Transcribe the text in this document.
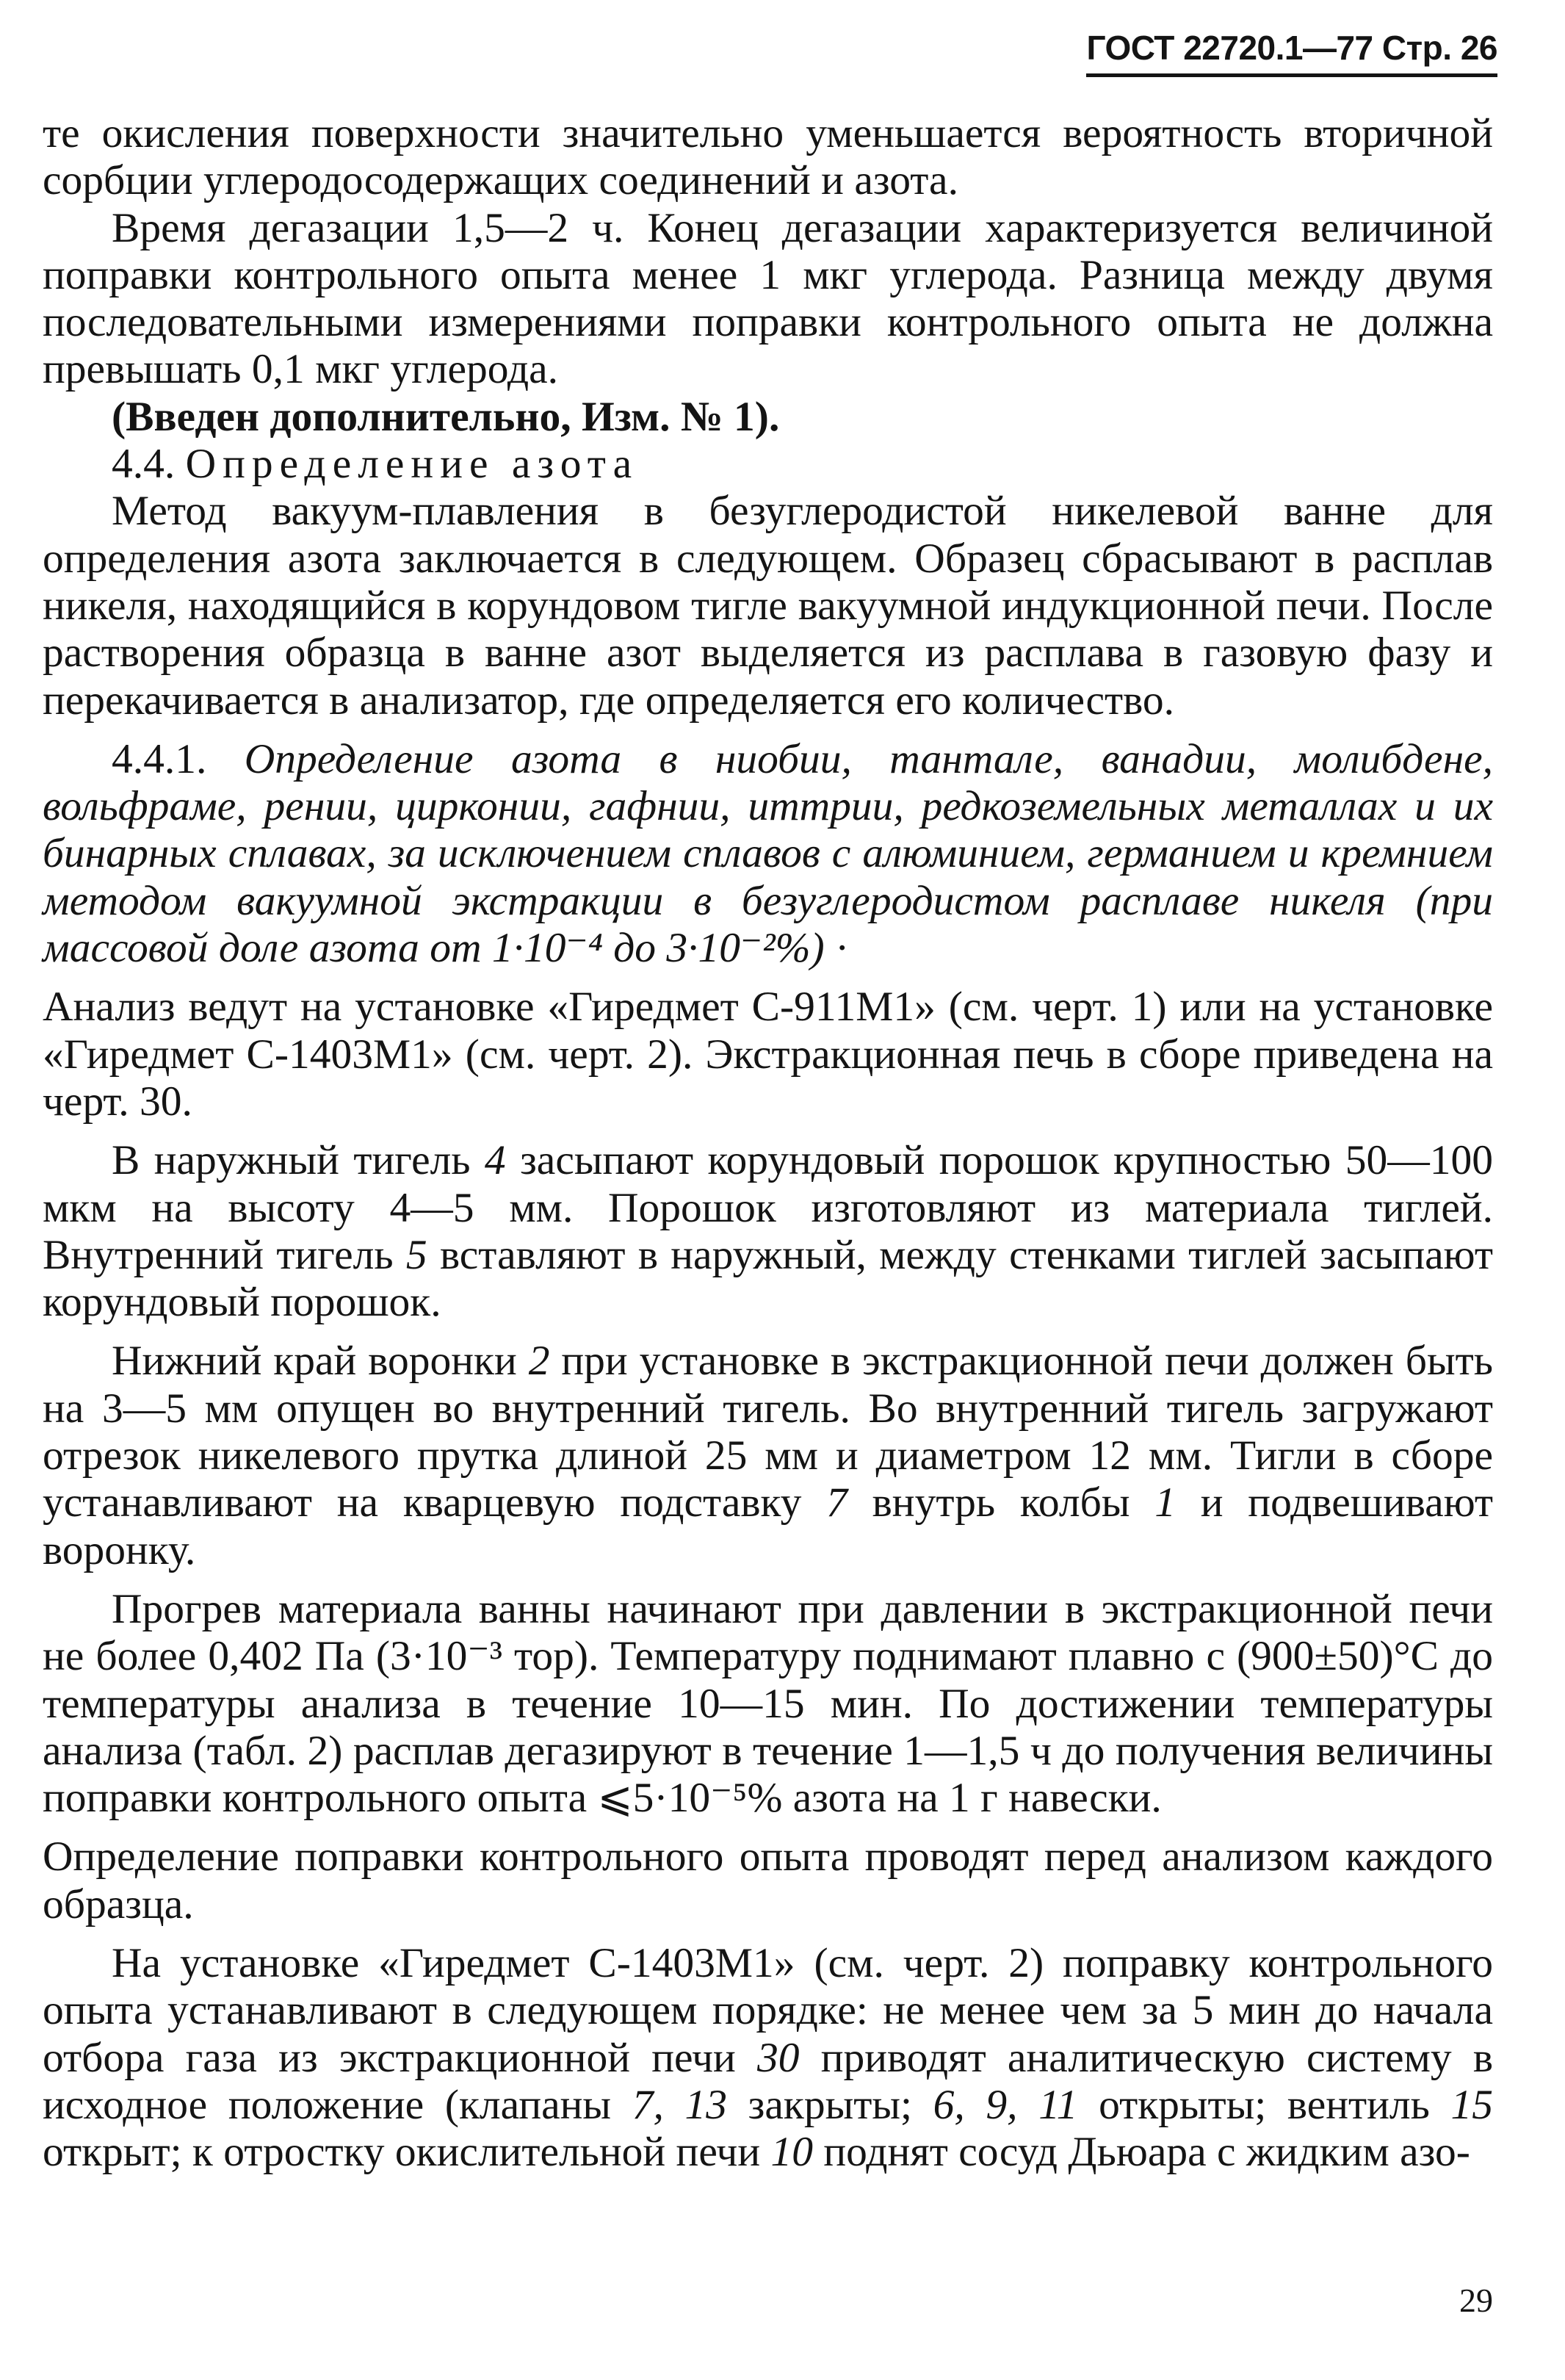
ГОСТ 22720.1—77 Стр. 26

те окисления поверхности значительно уменьшается вероятность вторичной сорбции углеродосодержащих соединений и азота.

Время дегазации 1,5—2 ч. Конец дегазации характеризуется величиной поправки контрольного опыта менее 1 мкг углерода. Разница между двумя последовательными измерениями поправки контрольного опыта не должна превышать 0,1 мкг углерода.

(Введен дополнительно, Изм. № 1).

4.4. Определение азота

Метод вакуум-плавления в безуглеродистой никелевой ванне для определения азота заключается в следующем. Образец сбрасывают в расплав никеля, находящийся в корундовом тигле вакуумной индукционной печи. После растворения образца в ванне азот выделяется из расплава в газовую фазу и перекачивается в анализатор, где определяется его количество.

4.4.1. Определение азота в ниобии, тантале, ванадии, молибдене, вольфраме, рении, цирконии, гафнии, иттрии, редкоземельных металлах и их бинарных сплавах, за исключением сплавов с алюминием, германием и кремнием методом вакуумной экстракции в безуглеродистом расплаве никеля (при массовой доле азота от 1·10⁻⁴ до 3·10⁻²%) ·

Анализ ведут на установке «Гиредмет С-911М1» (см. черт. 1) или на установке «Гиредмет С-1403М1» (см. черт. 2). Экстракционная печь в сборе приведена на черт. 30.

В наружный тигель 4 засыпают корундовый порошок крупностью 50—100 мкм на высоту 4—5 мм. Порошок изготовляют из материала тиглей. Внутренний тигель 5 вставляют в наружный, между стенками тиглей засыпают корундовый порошок.

Нижний край воронки 2 при установке в экстракционной печи должен быть на 3—5 мм опущен во внутренний тигель. Во внутренний тигель загружают отрезок никелевого прутка длиной 25 мм и диаметром 12 мм. Тигли в сборе устанавливают на кварцевую подставку 7 внутрь колбы 1 и подвешивают воронку.

Прогрев материала ванны начинают при давлении в экстракционной печи не более 0,402 Па (3·10⁻³ тор). Температуру поднимают плавно с (900±50)°С до температуры анализа в течение 10—15 мин. По достижении температуры анализа (табл. 2) расплав дегазируют в течение 1—1,5 ч до получения величины поправки контрольного опыта ⩽5·10⁻⁵% азота на 1 г навески.

Определение поправки контрольного опыта проводят перед анализом каждого образца.

На установке «Гиредмет С-1403М1» (см. черт. 2) поправку контрольного опыта устанавливают в следующем порядке: не менее чем за 5 мин до начала отбора газа из экстракционной печи 30 приводят аналитическую систему в исходное положение (клапаны 7, 13 закрыты; 6, 9, 11 открыты; вентиль 15 открыт; к отростку окислительной печи 10 поднят сосуд Дьюара с жидким азо-

29
